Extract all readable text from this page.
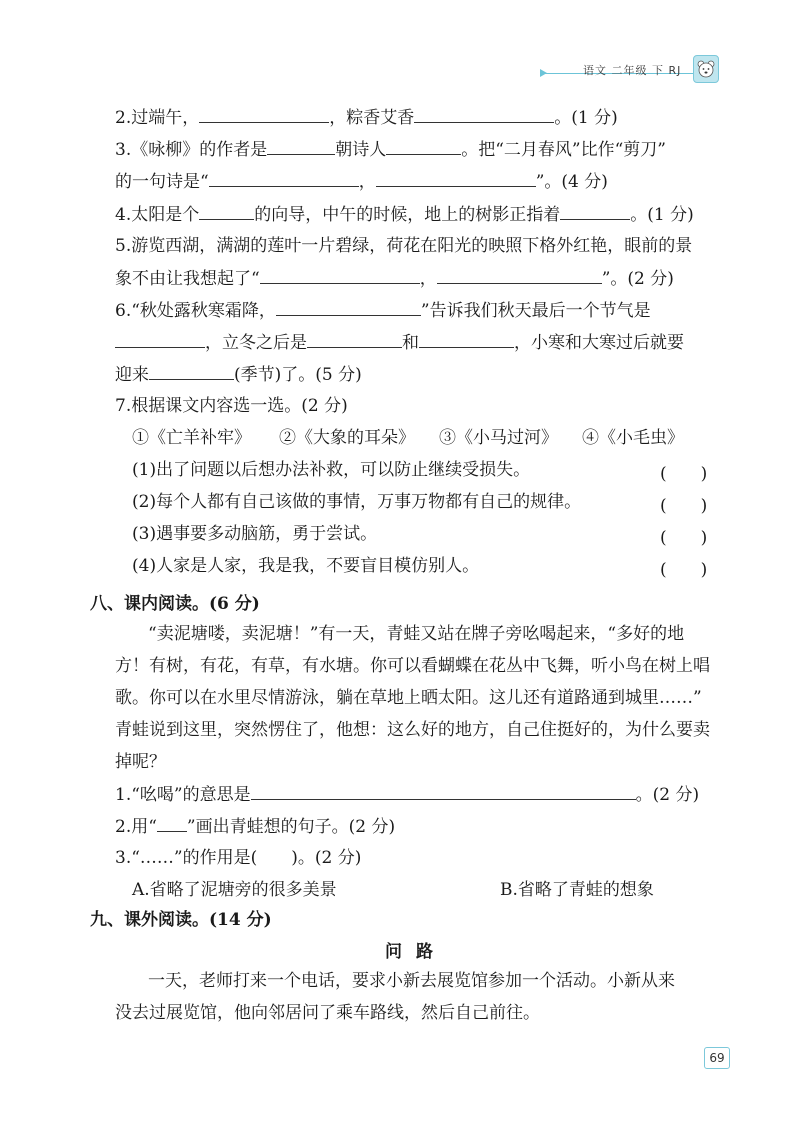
语文 二年级 下 RJ
2.过端午，	，粽香艾香	。(1 分)
3.《咏柳》的作者是	朝诗人	。把“二月春风”比作“剪刀”
的一句诗是“	，	”。(4 分)
4.太阳是个	的向导，中午的时候，地上的树影正指着	。(1 分)
5.游览西湖，满湖的莲叶一片碧绿，荷花在阳光的映照下格外红艳，眼前的景
象不由让我想起了“	，	”。(2 分)
6.“秋处露秋寒霜降，	”告诉我们秋天最后一个节气是
，立冬之后是	和	，小寒和大寒过后就要
迎来	(季节)了。(5 分)
7.根据课文内容选一选。(2 分)
①《亡羊补牢》 ②《大象的耳朵》 ③《小马过河》 ④《小毛虫》
(1)出了问题以后想办法补救，可以防止继续受损失。	(　　)
(2)每个人都有自己该做的事情，万事万物都有自己的规律。	(　　)
(3)遇事要多动脑筋，勇于尝试。	(　　)
(4)人家是人家，我是我，不要盲目模仿别人。	(　　)
八、课内阅读。(6 分)
“卖泥塘喽，卖泥塘！”有一天，青蛙又站在牌子旁吆喝起来，“多好的地
方！有树，有花，有草，有水塘。你可以看蝴蝶在花丛中飞舞，听小鸟在树上唱
歌。你可以在水里尽情游泳，躺在草地上晒太阳。这儿还有道路通到城里……”
青蛙说到这里，突然愣住了，他想：这么好的地方，自己住挺好的，为什么要卖
掉呢？
1.“吆喝”的意思是	。(2 分)
2.用“ ”画出青蛙想的句子。(2 分)
3.“……”的作用是(　　)。(2 分)
A.省略了泥塘旁的很多美景	B.省略了青蛙的想象
九、课外阅读。(14 分)
问路
一天，老师打来一个电话，要求小新去展览馆参加一个活动。小新从来
没去过展览馆，他向邻居问了乘车路线，然后自己前往。
69
